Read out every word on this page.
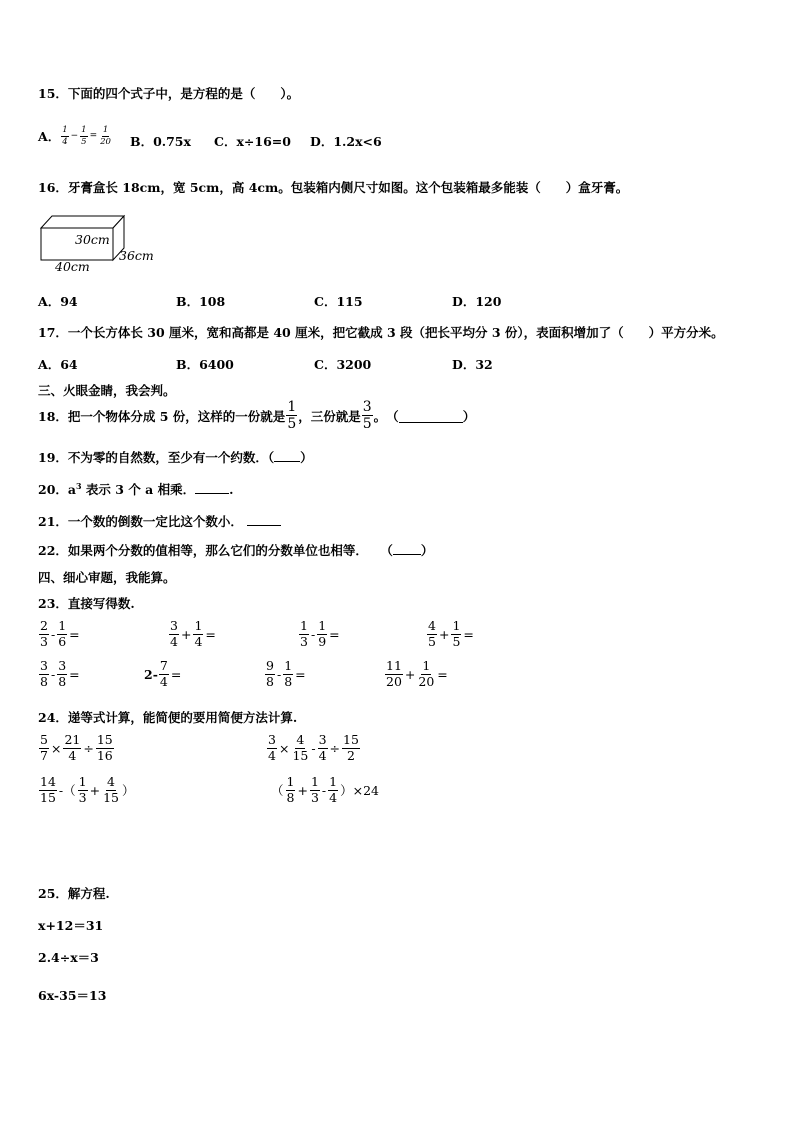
15．下面的四个式子中，是方程的是（　　）。
A． $\frac{1}{4} - \frac{1}{5} = \frac{1}{20}$ B．0.75x C．x÷16=0 D．1.2x<6
16．牙膏盒长 18cm，宽 5cm，高 4cm。包装箱内侧尺寸如图。这个包装箱最多能装（　　）盒牙膏。
30cm
36cm
40cm
A．94	B．108	C．115	D．120
17．一个长方体长 30 厘米，宽和高都是 40 厘米，把它截成 3 段（把长平均分 3 份），表面积增加了（　　）平方分米。
A．64	B．6400	C．3200	D．32
三、火眼金睛，我会判。
18．把一个物体分成 5 份，这样的一份就是 $\frac{1}{5}$ ，三份就是 $\frac{3}{5}$ 。　（	）
19．不为零的自然数，至少有一个约数．（ ）
20．$a^3$ 表示 3 个 a 相乘．	.
21．一个数的倒数一定比这个数小．
22．如果两个分数的值相等，那么它们的分数单位也相等．　　（ ）
四、细心审题，我能算。
23．直接写得数.
$\frac{2}{3} - \frac{1}{6}$ =	$\frac{3}{4} + \frac{1}{4}$ =	$\frac{1}{3} - \frac{1}{9}$ =	$\frac{4}{5} + \frac{1}{5}$ =
$\frac{3}{8} - \frac{3}{8}$ =	$2- \frac{7}{4}$ =	$\frac{9}{8} - \frac{1}{8}$ =	$\frac{11}{20} + \frac{1}{20}$ =
24．递等式计算，能简便的要用简便方法计算.
$\frac{5}{7} \times \frac{21}{4} \div \frac{15}{16}$	$\frac{3}{4} \times \frac{4}{15} - \frac{3}{4} \div \frac{15}{2}$
$\frac{14}{15}$ -（ $\frac{1}{3} + \frac{4}{15}$ ）	（ $\frac{1}{8} + \frac{1}{3} - \frac{1}{4} )\times 24$
25．解方程.
x+12＝31
2.4÷x＝3
6x-35＝13
